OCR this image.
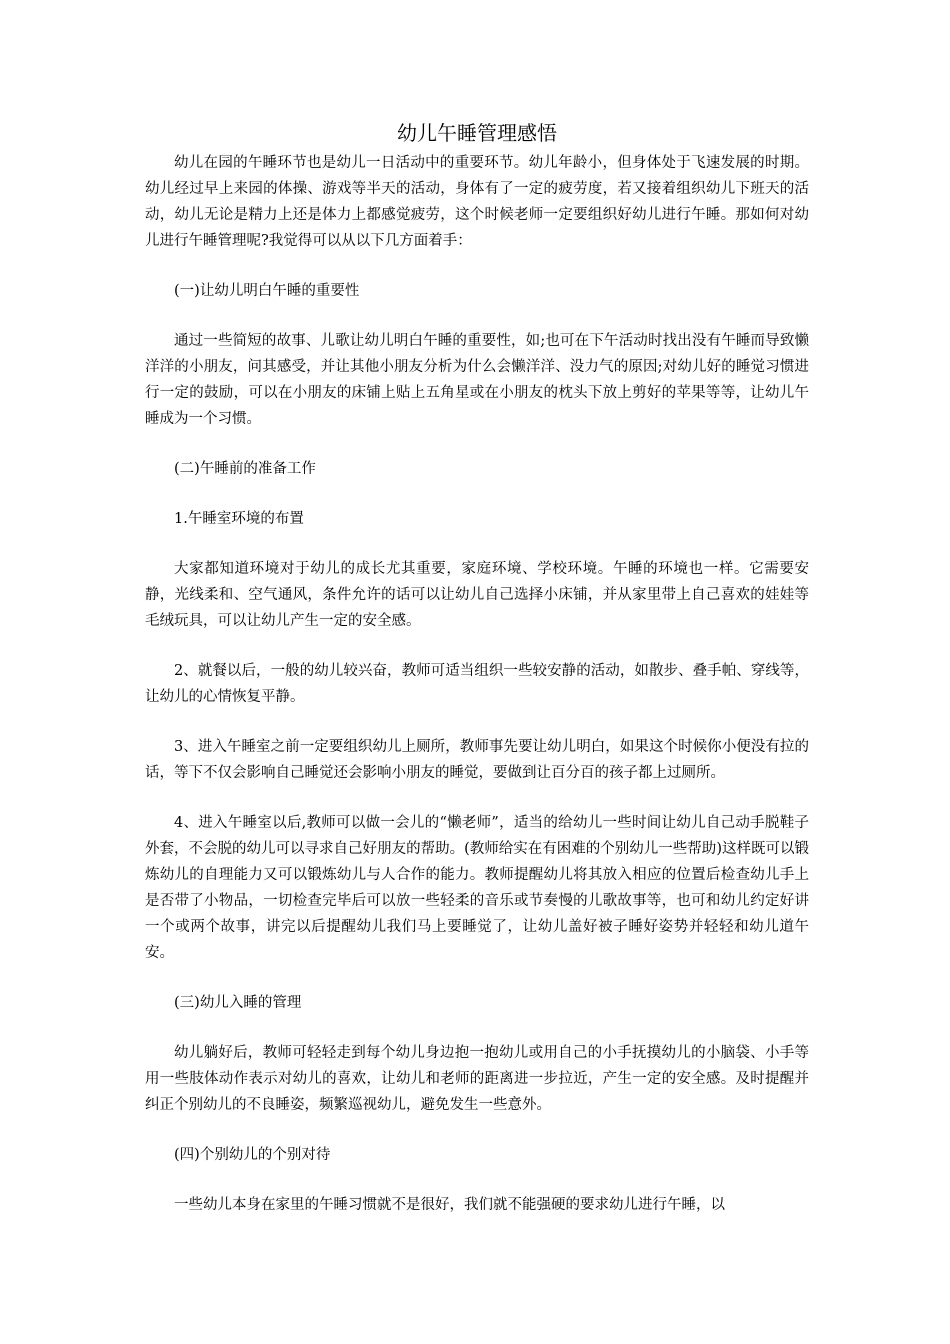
幼儿午睡管理感悟

幼儿在园的午睡环节也是幼儿一日活动中的重要环节。幼儿年龄小，但身体处于飞速发展的时期。幼儿经过早上来园的体操、游戏等半天的活动，身体有了一定的疲劳度，若又接着组织幼儿下班天的活动，幼儿无论是精力上还是体力上都感觉疲劳，这个时候老师一定要组织好幼儿进行午睡。那如何对幼儿进行午睡管理呢?我觉得可以从以下几方面着手：

(一)让幼儿明白午睡的重要性

通过一些简短的故事、儿歌让幼儿明白午睡的重要性，如;也可在下午活动时找出没有午睡而导致懒洋洋的小朋友，问其感受，并让其他小朋友分析为什么会懒洋洋、没力气的原因;对幼儿好的睡觉习惯进行一定的鼓励，可以在小朋友的床铺上贴上五角星或在小朋友的枕头下放上剪好的苹果等等，让幼儿午睡成为一个习惯。

(二)午睡前的准备工作

1.午睡室环境的布置

大家都知道环境对于幼儿的成长尤其重要，家庭环境、学校环境。午睡的环境也一样。它需要安静，光线柔和、空气通风，条件允许的话可以让幼儿自己选择小床铺，并从家里带上自己喜欢的娃娃等毛绒玩具，可以让幼儿产生一定的安全感。

2、就餐以后，一般的幼儿较兴奋，教师可适当组织一些较安静的活动，如散步、叠手帕、穿线等，让幼儿的心情恢复平静。

3、进入午睡室之前一定要组织幼儿上厕所，教师事先要让幼儿明白，如果这个时候你小便没有拉的话，等下不仅会影响自己睡觉还会影响小朋友的睡觉，要做到让百分百的孩子都上过厕所。

4、进入午睡室以后,教师可以做一会儿的“懒老师”，适当的给幼儿一些时间让幼儿自己动手脱鞋子外套，不会脱的幼儿可以寻求自己好朋友的帮助。(教师给实在有困难的个别幼儿一些帮助)这样既可以锻炼幼儿的自理能力又可以锻炼幼儿与人合作的能力。教师提醒幼儿将其放入相应的位置后检查幼儿手上是否带了小物品，一切检查完毕后可以放一些轻柔的音乐或节奏慢的儿歌故事等，也可和幼儿约定好讲一个或两个故事，讲完以后提醒幼儿我们马上要睡觉了，让幼儿盖好被子睡好姿势并轻轻和幼儿道午安。

(三)幼儿入睡的管理

幼儿躺好后，教师可轻轻走到每个幼儿身边抱一抱幼儿或用自己的小手抚摸幼儿的小脑袋、小手等用一些肢体动作表示对幼儿的喜欢，让幼儿和老师的距离进一步拉近，产生一定的安全感。及时提醒并纠正个别幼儿的不良睡姿，频繁巡视幼儿，避免发生一些意外。

(四)个别幼儿的个别对待

一些幼儿本身在家里的午睡习惯就不是很好，我们就不能强硬的要求幼儿进行午睡，以
